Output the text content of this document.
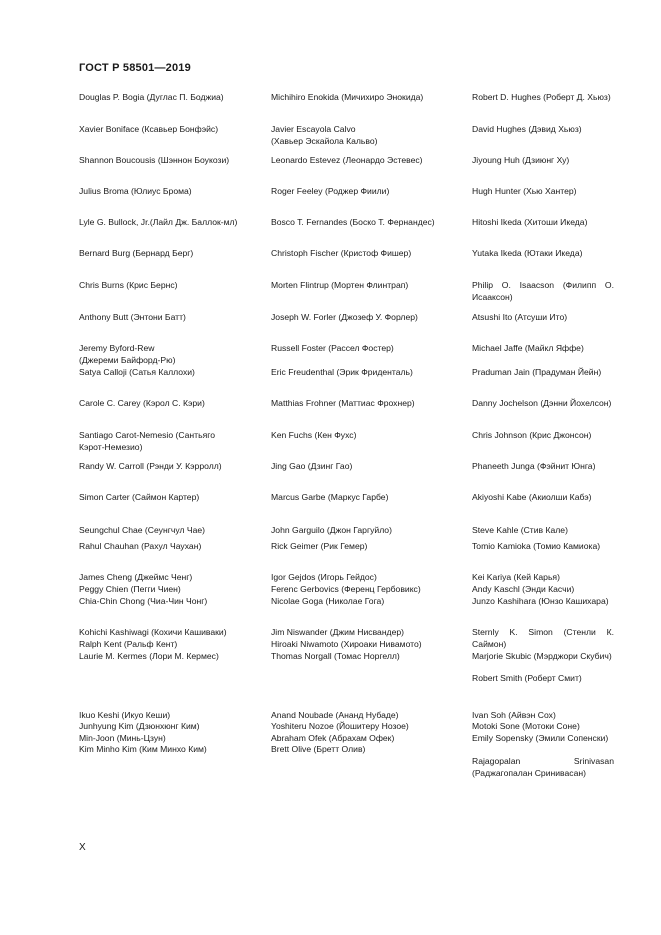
ГОСТ Р 58501—2019
Douglas P. Bogia (Дуглас П. Боджиа)
Xavier Boniface (Ксавьер Бонфэйс)
Shannon Boucousis (Шэннон Боукози)
Julius Broma (Юлиус Брома)
Lyle G. Bullock, Jr.(Лайл Дж. Баллок-мл)
Bernard Burg (Бернард Берг)
Chris Burns (Крис Бернс)
Anthony Butt (Энтони Батт)
Jeremy Byford-Rew
(Джереми Байфорд-Рю)
Satya Calloji (Сатья Каллохи)
Carole C. Carey (Кэрол С. Кэри)
Santiago Carot-Nemesio (Сантьяго
Кэрот-Немезио)
Randy W. Carroll (Рэнди У. Кэрролл)
Simon Carter (Саймон Картер)
Seungchul Chae (Сеунгчул Чае)
Rahul Chauhan (Рахул Чаухан)
James Cheng (Джеймс Ченг)
Peggy Chien (Пегги Чиен)
Chia-Chin Chong (Чиа-Чин Чонг)
Kohichi Kashiwagi (Кохичи Кашиваки)
Ralph Kent (Ральф Кент)
Laurie M. Kermes (Лори М. Кермес)
Ikuo Keshi (Икуо Кеши)
Junhyung Kim (Дзюнхюнг Ким)
Min-Joon (Минь-Цзун)
Kim Minho Kim (Ким Минхо Ким)
Michihiro Enokida (Мичихиро Энокида)
Javier Escayola Calvo
(Хавьер Эскайола Кальво)
Leonardo Estevez (Леонардо Эстевес)
Roger Feeley (Роджер Фиили)
Bosco T. Fernandes (Боско Т. Фернандес)
Christoph Fischer (Кристоф Фишер)
Morten Flintrup (Мортен Флинтрап)
Joseph W. Forler (Джозеф У. Форлер)
Russell Foster (Рассел Фостер)
Eric Freudenthal (Эрик Фриденталь)
Matthias Frohner (Маттиас Фрохнер)
Ken Fuchs (Кен Фухс)
Jing Gao (Дзинг Гао)
Marcus Garbe (Маркус Гарбе)
John Garguilo (Джон Гаргуйло)
Rick Geimer (Рик Гемер)
Igor Gejdos (Игорь Гейдос)
Ferenc Gerbovics (Ференц Гербовикс)
Nicolae Goga (Николае Гога)
Jim Niswander (Джим Нисвандер)
Hiroaki Niwamoto (Хироаки Нивамото)
Thomas Norgall (Томас Норгелл)
Anand Noubade (Ананд Нубаде)
Yoshiteru Nozoe (Йошитеру Нозое)
Abraham Ofek (Абрахам Офек)
Brett Olive (Бретт Олив)
Robert D. Hughes (Роберт Д. Хьюз)
David Hughes (Дэвид Хьюз)
Jiyoung Huh (Дзиюнг Ху)
Hugh Hunter (Хью Хантер)
Hitoshi Ikeda (Хитоши Икеда)
Yutaka Ikeda (Ютаки Икеда)
Philip O. Isaacson (Филипп О. Исааксон)
Atsushi Ito (Атсуши Ито)
Michael Jaffe (Майкл Яффе)
Praduman Jain (Прадуман Йейн)
Danny Jochelson (Дэнни Йохелсон)
Chris Johnson (Крис Джонсон)
Phaneeth Junga (Фэйнит Юнга)
Akiyoshi Kabe (Акиолши Кабэ)
Steve Kahle (Стив Кале)
Tomio Kamioka (Томио Камиока)
Kei Kariya (Кей Карья)
Andy Kaschl (Энди Касчи)
Junzo Kashihara (Юнзо Кашихара)
Sternly K. Simon (Стенли К. Саймон)
Marjorie Skubic (Мэрджори Скубич)
Robert Smith (Роберт Смит)
Ivan Soh (Айвэн Сох)
Motoki Sone (Мотоки Соне)
Emily Sopensky (Эмили Сопенски)
Rajagopalan Srinivasan (Раджагопалан Сринивасан)
X
